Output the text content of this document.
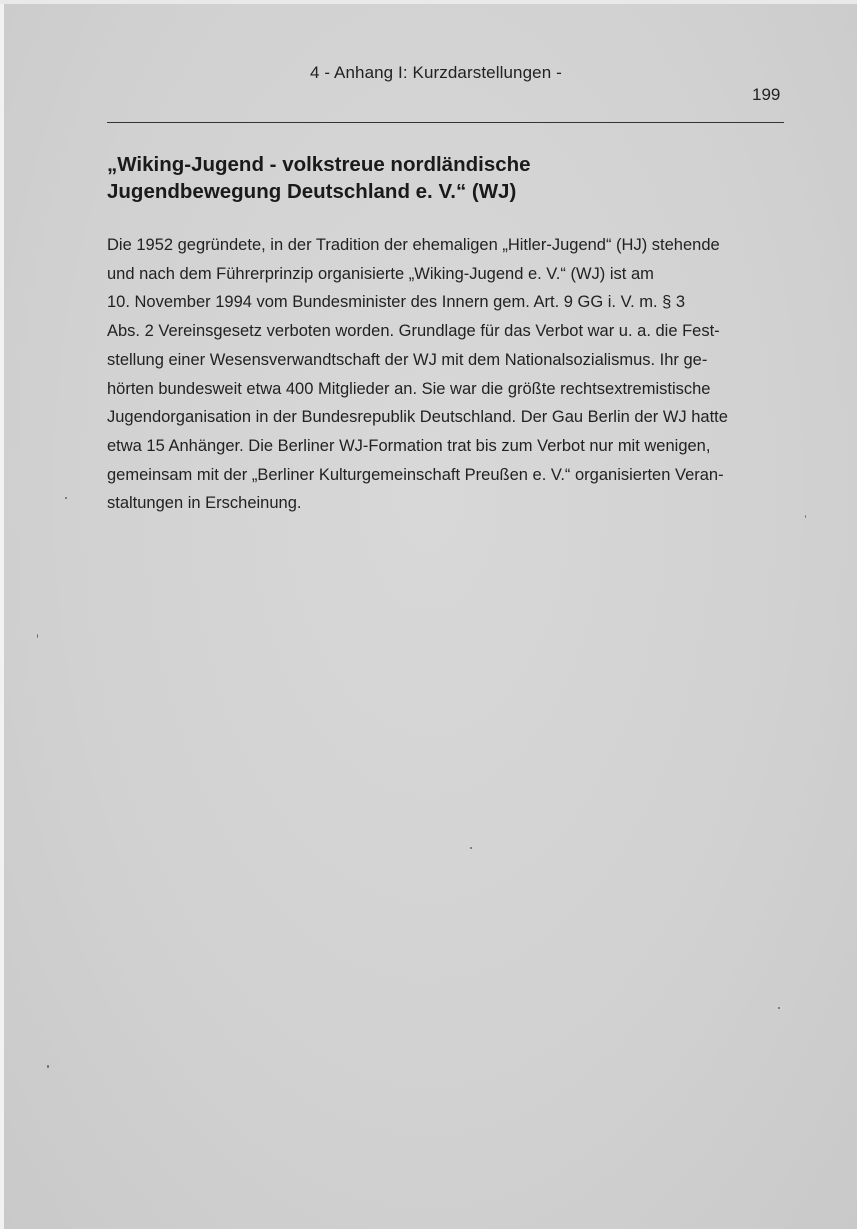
4 - Anhang I: Kurzdarstellungen -
199
„Wiking-Jugend - volkstreue nordländische
Jugendbewegung Deutschland e. V.“ (WJ)
Die 1952 gegründete, in der Tradition der ehemaligen „Hitler-Jugend“ (HJ) stehende
und nach dem Führerprinzip organisierte „Wiking-Jugend e. V.“ (WJ) ist am
10. November 1994 vom Bundesminister des Innern gem. Art. 9 GG i. V. m. § 3
Abs. 2 Vereinsgesetz verboten worden. Grundlage für das Verbot war u. a. die Fest-
stellung einer Wesensverwandtschaft der WJ mit dem Nationalsozialismus. Ihr ge-
hörten bundesweit etwa 400 Mitglieder an. Sie war die größte rechtsextremistische
Jugendorganisation in der Bundesrepublik Deutschland. Der Gau Berlin der WJ hatte
etwa 15 Anhänger. Die Berliner WJ-Formation trat bis zum Verbot nur mit wenigen,
gemeinsam mit der „Berliner Kulturgemeinschaft Preußen e. V.“ organisierten Veran-
staltungen in Erscheinung.
